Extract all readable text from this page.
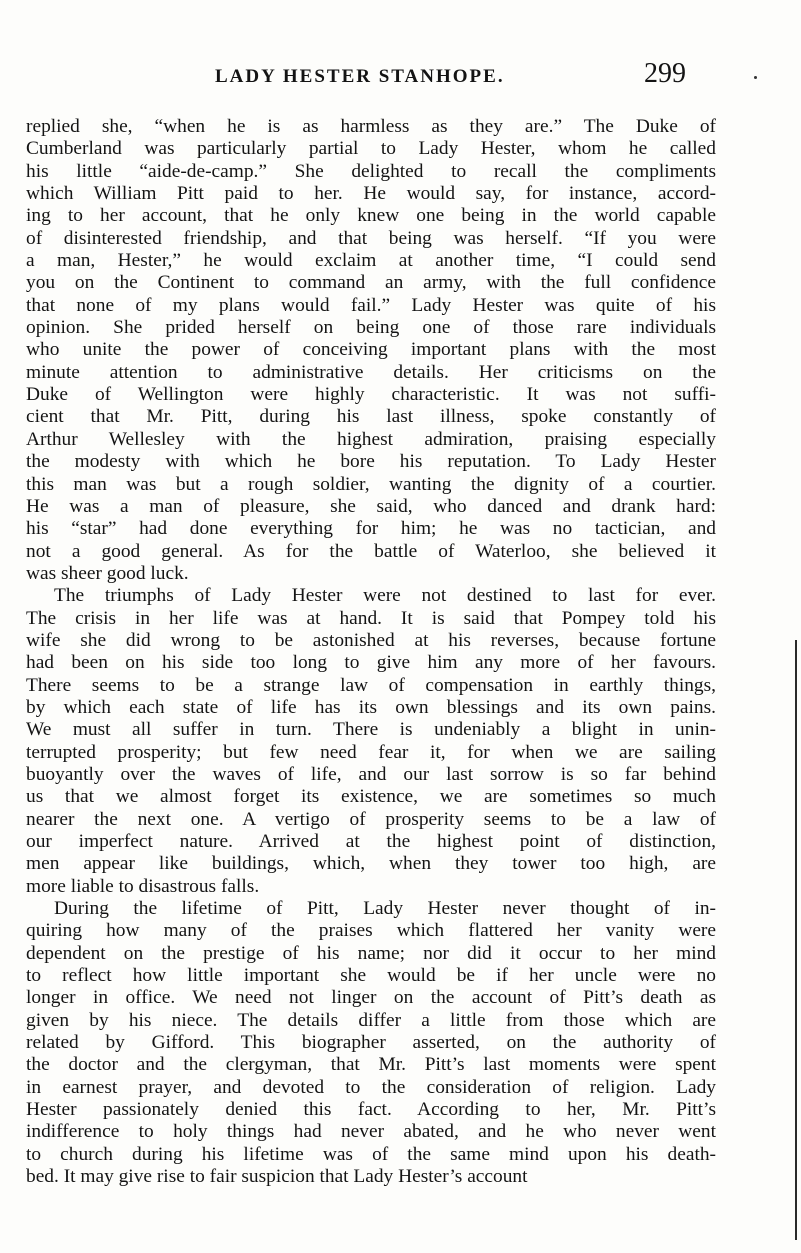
LADY HESTER STANHOPE.	299
replied she, “when he is as harmless as they are.” The Duke of
Cumberland was particularly partial to Lady Hester, whom he called
his little “aide-de-camp.” She delighted to recall the compliments
which William Pitt paid to her. He would say, for instance, accord-
ing to her account, that he only knew one being in the world capable
of disinterested friendship, and that being was herself. “If you were
a man, Hester,” he would exclaim at another time, “I could send
you on the Continent to command an army, with the full confidence
that none of my plans would fail.” Lady Hester was quite of his
opinion. She prided herself on being one of those rare individuals
who unite the power of conceiving important plans with the most
minute attention to administrative details. Her criticisms on the
Duke of Wellington were highly characteristic. It was not suffi-
cient that Mr. Pitt, during his last illness, spoke constantly of
Arthur Wellesley with the highest admiration, praising especially
the modesty with which he bore his reputation. To Lady Hester
this man was but a rough soldier, wanting the dignity of a courtier.
He was a man of pleasure, she said, who danced and drank hard:
his “star” had done everything for him; he was no tactician, and
not a good general. As for the battle of Waterloo, she believed it
was sheer good luck.
The triumphs of Lady Hester were not destined to last for ever.
The crisis in her life was at hand. It is said that Pompey told his
wife she did wrong to be astonished at his reverses, because fortune
had been on his side too long to give him any more of her favours.
There seems to be a strange law of compensation in earthly things,
by which each state of life has its own blessings and its own pains.
We must all suffer in turn. There is undeniably a blight in unin-
terrupted prosperity; but few need fear it, for when we are sailing
buoyantly over the waves of life, and our last sorrow is so far behind
us that we almost forget its existence, we are sometimes so much
nearer the next one. A vertigo of prosperity seems to be a law of
our imperfect nature. Arrived at the highest point of distinction,
men appear like buildings, which, when they tower too high, are
more liable to disastrous falls.
During the lifetime of Pitt, Lady Hester never thought of in-
quiring how many of the praises which flattered her vanity were
dependent on the prestige of his name; nor did it occur to her mind
to reflect how little important she would be if her uncle were no
longer in office. We need not linger on the account of Pitt’s death as
given by his niece. The details differ a little from those which are
related by Gifford. This biographer asserted, on the authority of
the doctor and the clergyman, that Mr. Pitt’s last moments were spent
in earnest prayer, and devoted to the consideration of religion. Lady
Hester passionately denied this fact. According to her, Mr. Pitt’s
indifference to holy things had never abated, and he who never went
to church during his lifetime was of the same mind upon his death-
bed. It may give rise to fair suspicion that Lady Hester’s account
